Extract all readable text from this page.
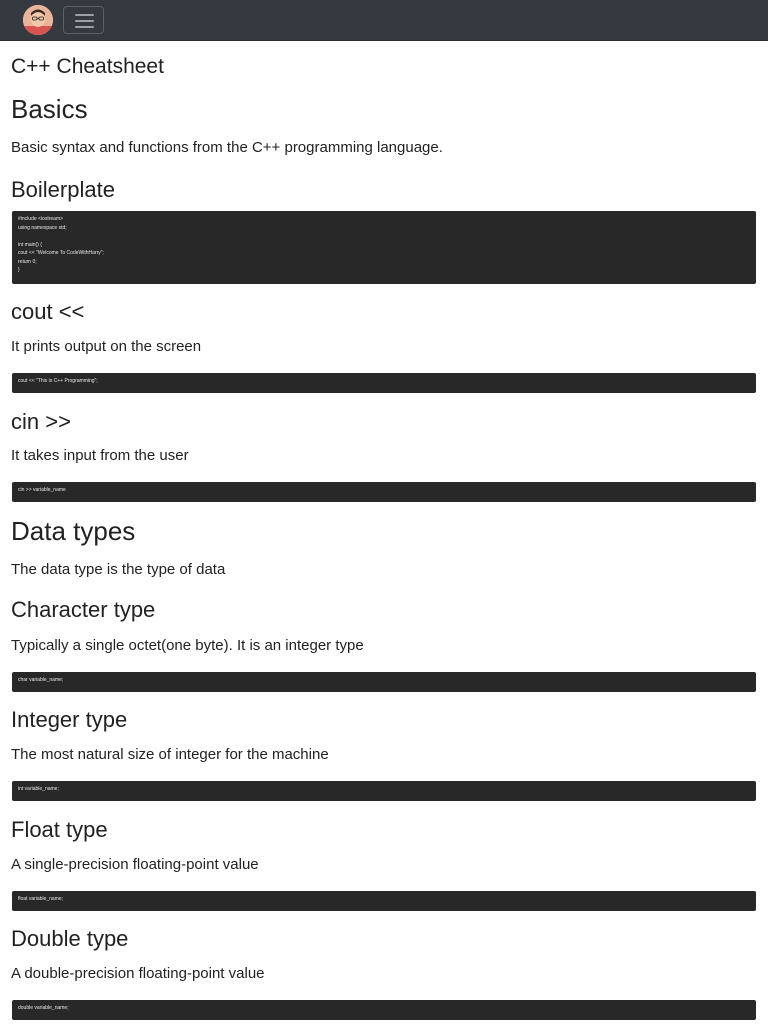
C++ Cheatsheet
Basics

Basic syntax and functions from the C++ programming language.

Boilerplate
#include <iostream>
using namespace std;

int main() {
cout << "Welcome To CodeWithHarry";
return 0;
}
cout <<

It prints output on the screen

cout << "This is C++ Programming";
cin >>

It takes input from the user

cin >> variable_name
Data types

The data type is the type of data

Character type

Typically a single octet(one byte). It is an integer type

char variable_name;
Integer type

The most natural size of integer for the machine

int variable_name;
Float type

A single-precision floating-point value

float variable_name;
Double type

A double-precision floating-point value

double variable_name;
